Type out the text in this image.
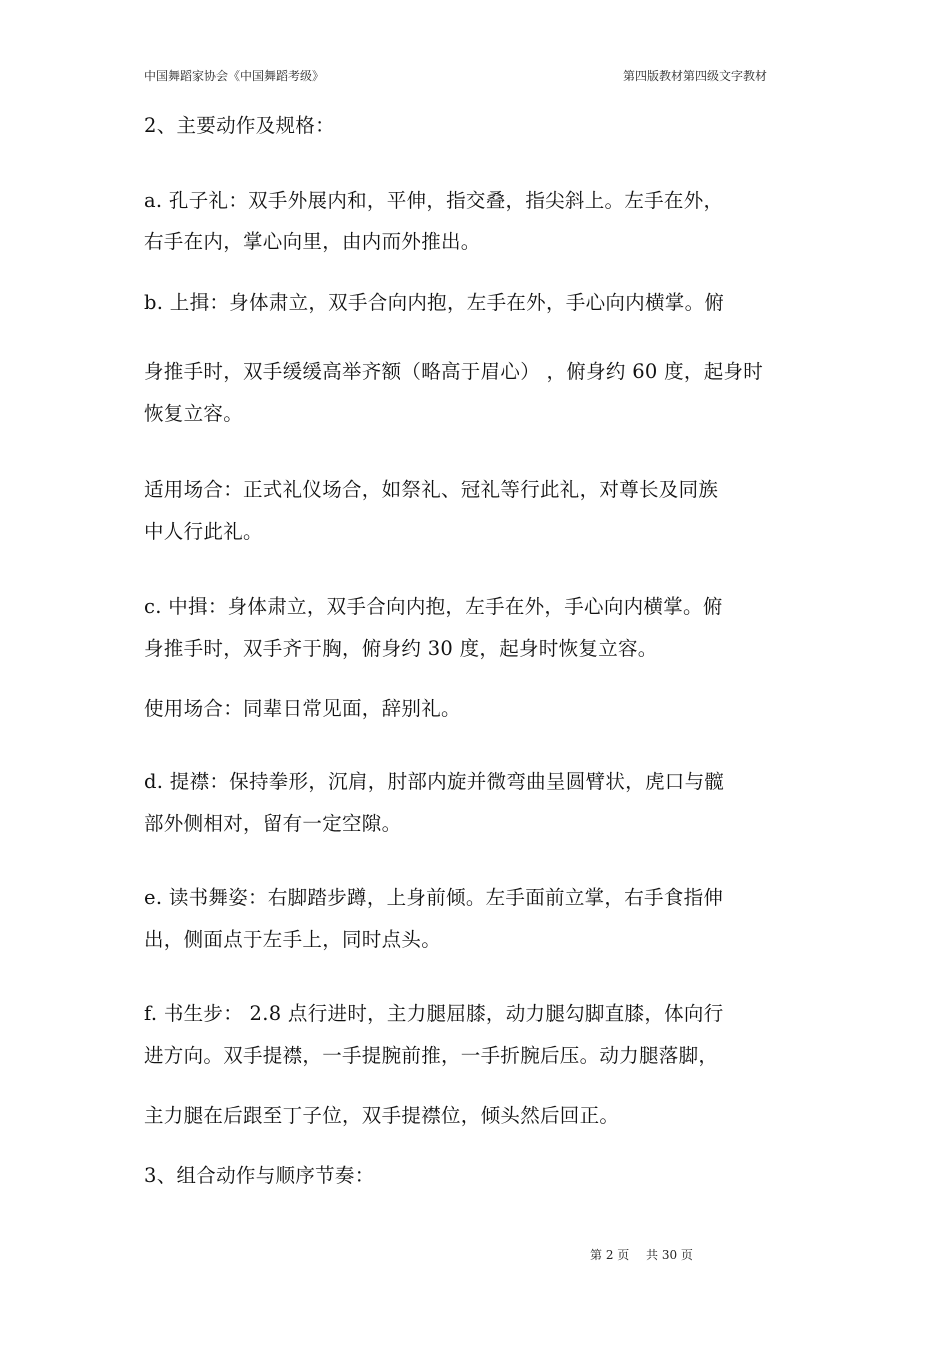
中国舞蹈家协会《中国舞蹈考级》	第四版教材第四级文字教材
2、主要动作及规格：
a. 孔子礼：双手外展内和，平伸，指交叠，指尖斜上。左手在外，
右手在内，掌心向里，由内而外推出。
b. 上揖：身体肃立，双手合向内抱，左手在外，手心向内横掌。俯
身推手时，双手缓缓高举齐额（略高于眉心） ，俯身约 60 度，起身时
恢复立容。
适用场合：正式礼仪场合，如祭礼、冠礼等行此礼，对尊长及同族
中人行此礼。
c. 中揖：身体肃立，双手合向内抱，左手在外，手心向内横掌。俯
身推手时，双手齐于胸，俯身约 30 度，起身时恢复立容。
使用场合：同辈日常见面，辞别礼。
d. 提襟：保持拳形，沉肩，肘部内旋并微弯曲呈圆臂状，虎口与髋
部外侧相对，留有一定空隙。
e. 读书舞姿：右脚踏步蹲，上身前倾。左手面前立掌，右手食指伸
出，侧面点于左手上，同时点头。
f. 书生步： 2.8 点行进时，主力腿屈膝，动力腿勾脚直膝，体向行
进方向。双手提襟，一手提腕前推，一手折腕后压。动力腿落脚，
主力腿在后跟至丁子位，双手提襟位，倾头然后回正。
3、组合动作与顺序节奏：
第 2 页 共 30 页
